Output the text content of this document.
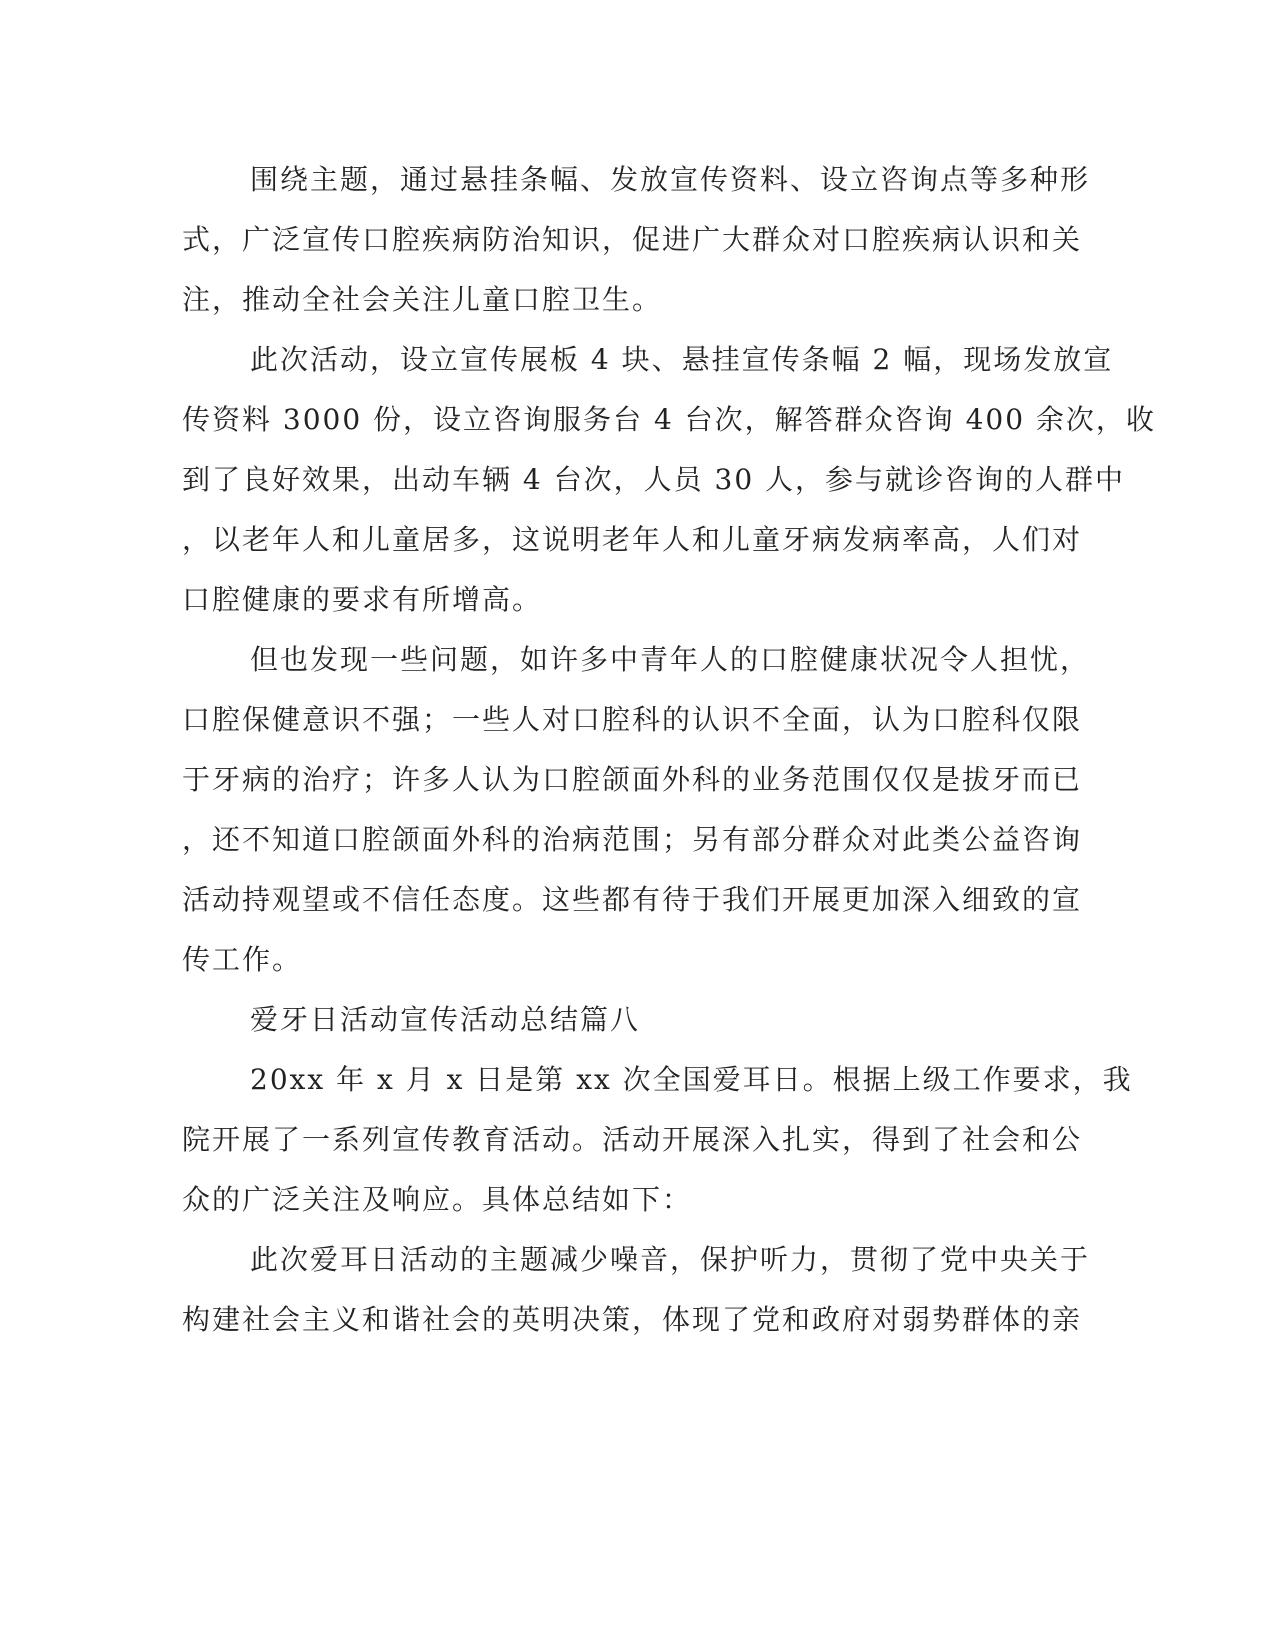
围绕主题，通过悬挂条幅、发放宣传资料、设立咨询点等多种形
式，广泛宣传口腔疾病防治知识，促进广大群众对口腔疾病认识和关
注，推动全社会关注儿童口腔卫生。
此次活动，设立宣传展板 4 块、悬挂宣传条幅 2 幅，现场发放宣
传资料 3000 份，设立咨询服务台 4 台次，解答群众咨询 400 余次，收
到了良好效果，出动车辆 4 台次，人员 30 人，参与就诊咨询的人群中
，以老年人和儿童居多，这说明老年人和儿童牙病发病率高，人们对
口腔健康的要求有所增高。
但也发现一些问题，如许多中青年人的口腔健康状况令人担忧，
口腔保健意识不强；一些人对口腔科的认识不全面，认为口腔科仅限
于牙病的治疗；许多人认为口腔颌面外科的业务范围仅仅是拔牙而已
，还不知道口腔颌面外科的治病范围；另有部分群众对此类公益咨询
活动持观望或不信任态度。这些都有待于我们开展更加深入细致的宣
传工作。
爱牙日活动宣传活动总结篇八
20xx 年 x 月 x 日是第 xx 次全国爱耳日。根据上级工作要求，我
院开展了一系列宣传教育活动。活动开展深入扎实，得到了社会和公
众的广泛关注及响应。具体总结如下：
此次爱耳日活动的主题减少噪音，保护听力，贯彻了党中央关于
构建社会主义和谐社会的英明决策，体现了党和政府对弱势群体的亲
